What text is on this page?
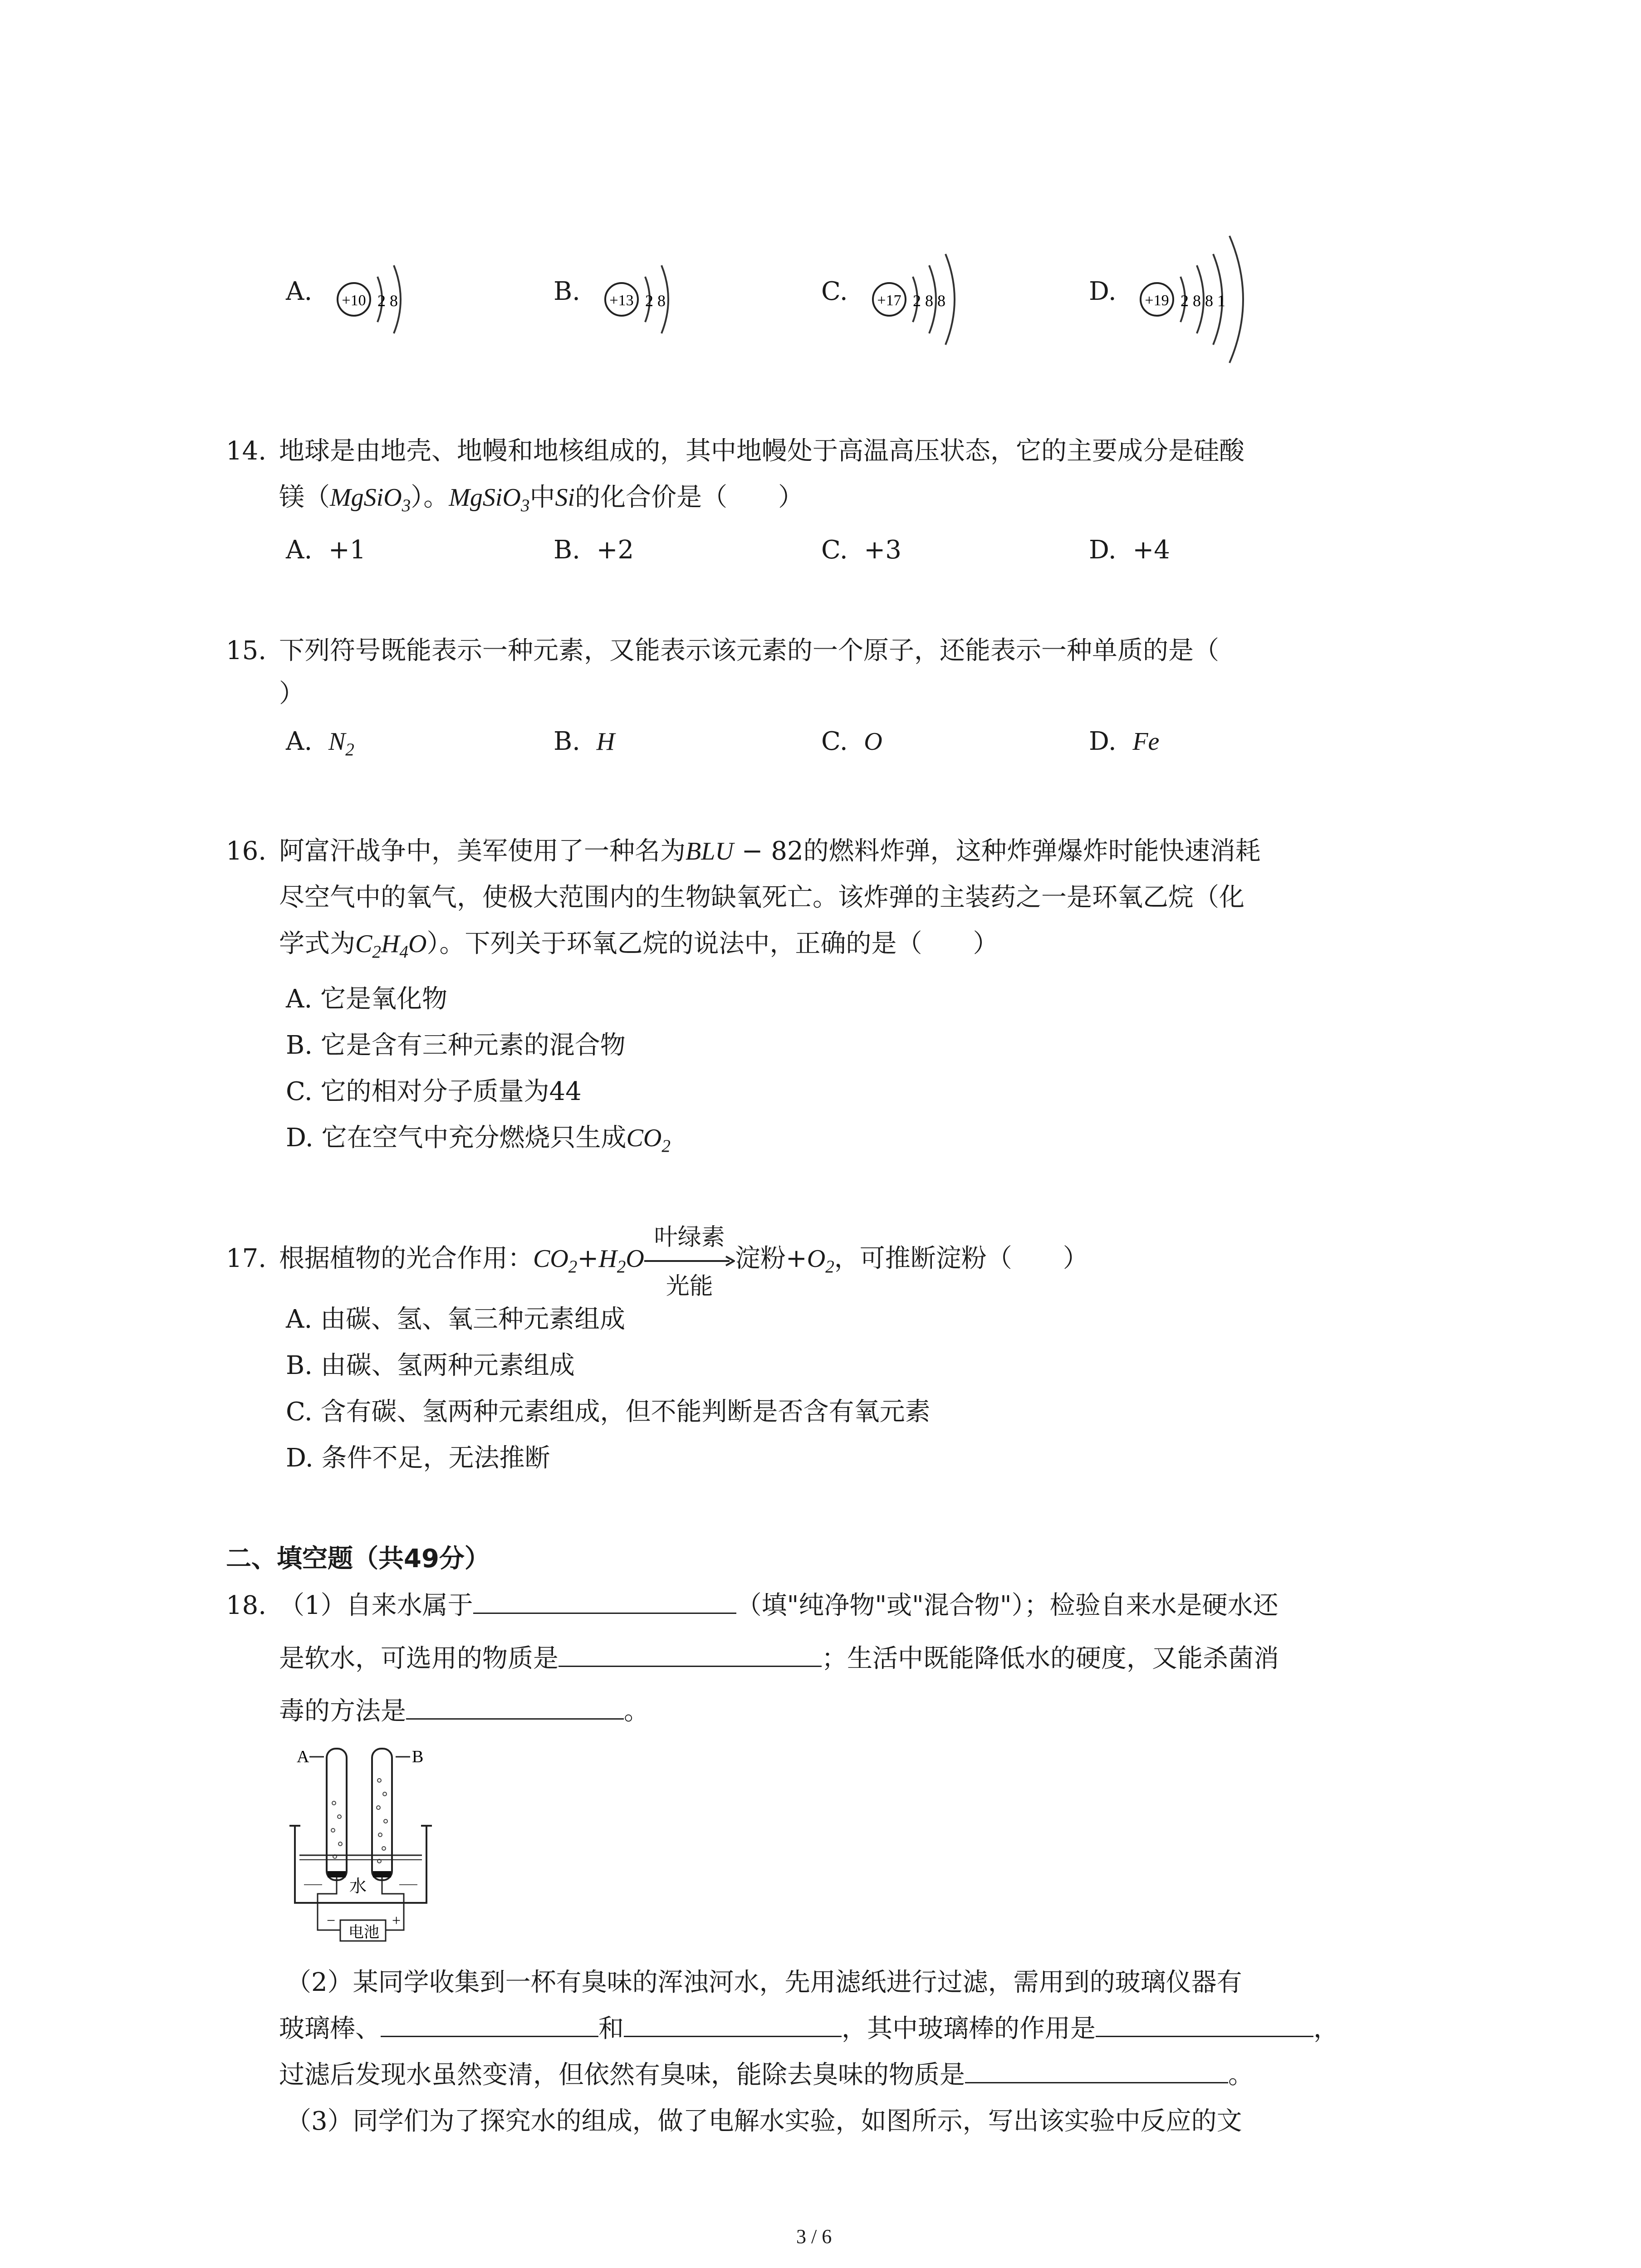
A. +10 2 8	B. +13 2 8	C. +17 2 8 8	D. +19 2 8 8 1
14. 地球是由地壳、地幔和地核组成的，其中地幔处于高温高压状态，它的主要成分是硅酸
镁（MgSiO$_3$）。MgSiO$_3$中Si的化合价是（　　）
A. +1	B. +2	C. +3	D. +4
15. 下列符号既能表示一种元素，又能表示该元素的一个原子，还能表示一种单质的是（
）
A. $N_2$	B. H	C. O	D. Fe
16. 阿富汗战争中，美军使用了一种名为BLU − 82的燃料炸弹，这种炸弹爆炸时能快速消耗
尽空气中的氧气，使极大范围内的生物缺氧死亡。该炸弹的主装药之一是环氧乙烷（化
学式为$C_2H_4O$）。下列关于环氧乙烷的说法中，正确的是（　　）
A. 它是氧化物
B. 它是含有三种元素的混合物
C. 它的相对分子质量为44
D. 它在空气中充分燃烧只生成$CO_2$
17. 根据植物的光合作用：$CO_2+H_2O$
叶绿素
光能
淀粉$+O_2$，可推断淀粉（　　）
A. 由碳、氢、氧三种元素组成
B. 由碳、氢两种元素组成
C. 含有碳、氢两种元素组成，但不能判断是否含有氧元素
D. 条件不足，无法推断
二、填空题（共49分）
18. （1）自来水属于	（填"纯净物"或"混合物"）；检验自来水是硬水还
是软水，可选用的物质是	；生活中既能降低水的硬度，又能杀菌消
毒的方法是	。
A	B
水
电池
−	+
（2）某同学收集到一杯有臭味的浑浊河水，先用滤纸进行过滤，需用到的玻璃仪器有
玻璃棒、	和	，其中玻璃棒的作用是	，
过滤后发现水虽然变清，但依然有臭味，能除去臭味的物质是	。
（3）同学们为了探究水的组成，做了电解水实验，如图所示，写出该实验中反应的文
3 / 6
